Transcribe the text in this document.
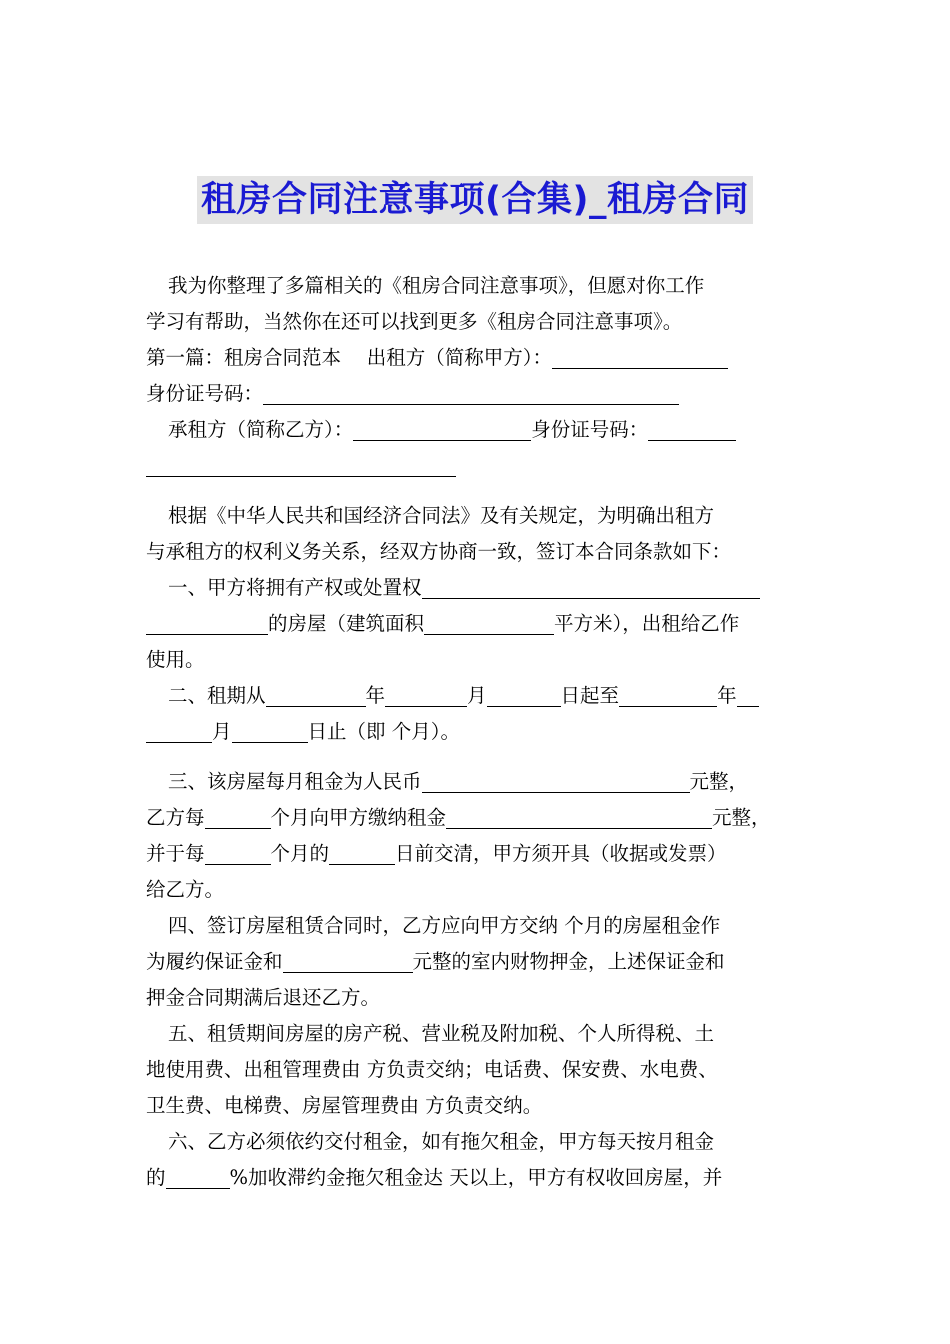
租房合同注意事项(合集)_租房合同
我为你整理了多篇相关的《租房合同注意事项》，但愿对你工作
学习有帮助，当然你在还可以找到更多《租房合同注意事项》。
第一篇：租房合同范本　 出租方（简称甲方）：
身份证号码：
承租方（简称乙方）：	身份证号码：
根据《中华人民共和国经济合同法》及有关规定，为明确出租方
与承租方的权利义务关系，经双方协商一致，签订本合同条款如下：
一、甲方将拥有产权或处置权
的房屋（建筑面积	平方米），出租给乙作
使用。
二、租期从	年	月	日起至	年
月	日止（即 个月）。
三、该房屋每月租金为人民币	元整，
乙方每	个月向甲方缴纳租金	元整，
并于每	个月的	日前交清，甲方须开具（收据或发票）
给乙方。
四、签订房屋租赁合同时，乙方应向甲方交纳 个月的房屋租金作
为履约保证金和	元整的室内财物押金，上述保证金和
押金合同期满后退还乙方。
五、租赁期间房屋的房产税、营业税及附加税、个人所得税、土
地使用费、出租管理费由 方负责交纳；电话费、保安费、水电费、
卫生费、电梯费、房屋管理费由 方负责交纳。
六、乙方必须依约交付租金，如有拖欠租金，甲方每天按月租金
的	%加收滞约金拖欠租金达 天以上，甲方有权收回房屋，并
